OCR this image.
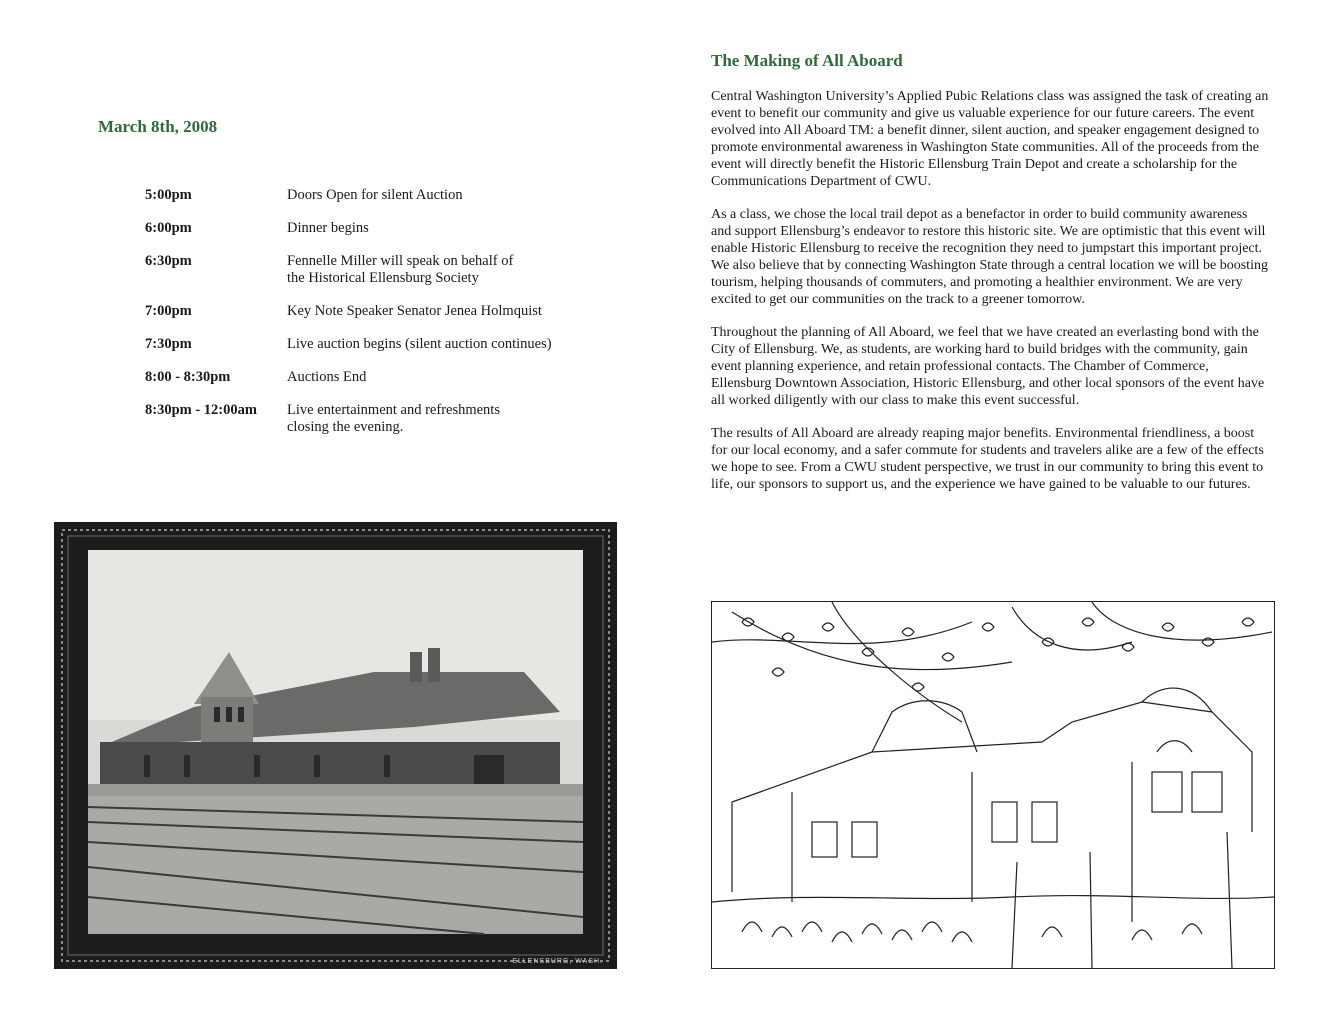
March 8th, 2008
5:00pm	Doors Open for silent Auction
6:00pm	Dinner begins
6:30pm	Fennelle Miller will speak on behalf of
the Historical Ellensburg Society
7:00pm	Key Note Speaker Senator Jenea Holmquist
7:30pm	Live auction begins (silent auction continues)
8:00 - 8:30pm	Auctions End
8:30pm - 12:00am	Live entertainment and refreshments
closing the evening.
ELLENSBURG, WASH.
The Making of All Aboard

Central Washington University’s Applied Pubic Relations class was assigned the task of creating an event to benefit our community and give us valuable experience for our future careers. The event evolved into All Aboard TM: a benefit dinner, silent auction, and speaker engagement designed to promote environmental awareness in Washington State communities. All of the proceeds from the event will directly benefit the Historic Ellensburg Train Depot and create a scholarship for the Communications Department of CWU.

As a class, we chose the local trail depot as a benefactor in order to build community awareness and support Ellensburg’s endeavor to restore this historic site. We are optimistic that this event will enable Historic Ellensburg to receive the recognition they need to jumpstart this important project. We also believe that by connecting Washington State through a central location we will be boosting tourism, helping thousands of commuters, and promoting a healthier environment. We are very excited to get our communities on the track to a greener tomorrow.

Throughout the planning of All Aboard, we feel that we have created an everlasting bond with the City of Ellensburg. We, as students, are working hard to build bridges with the community, gain event planning experience, and retain professional contacts. The Chamber of Commerce, Ellensburg Downtown Association, Historic Ellensburg, and other local sponsors of the event have all worked diligently with our class to make this event successful.

The results of All Aboard are already reaping major benefits. Environmental friendliness, a boost for our local economy, and a safer commute for students and travelers alike are a few of the effects we hope to see. From a CWU student perspective, we trust in our community to bring this event to life, our sponsors to support us, and the experience we have gained to be valuable to our futures.
